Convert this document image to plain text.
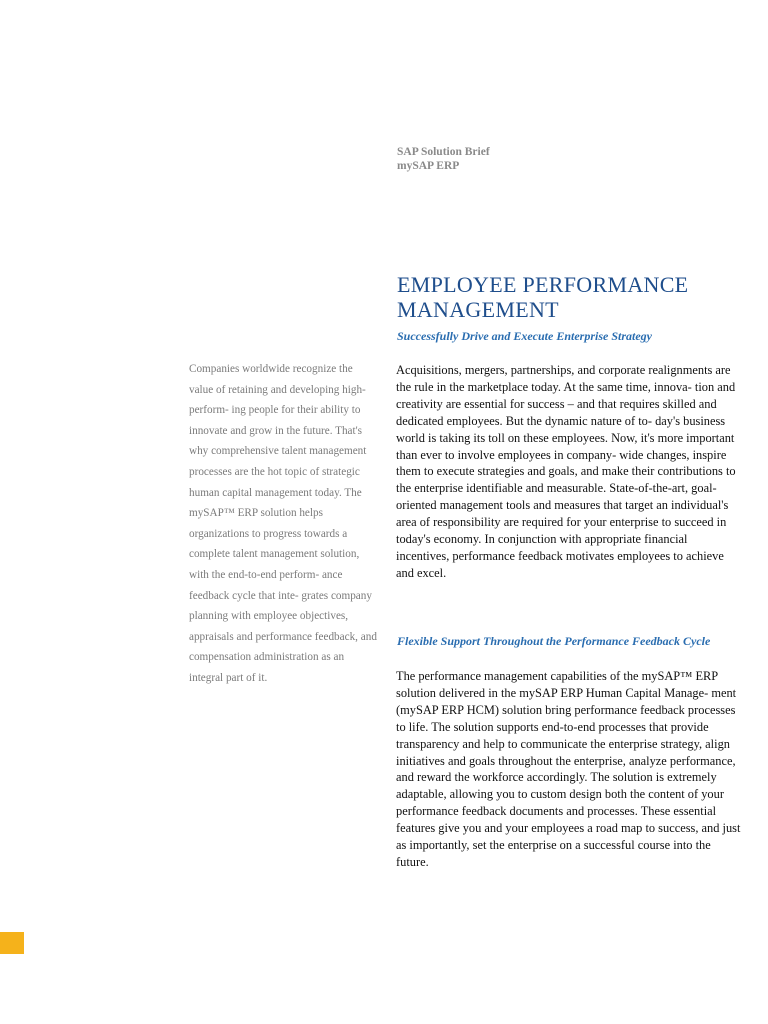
SAP Solution Brief
mySAP ERP
EMPLOYEE PERFORMANCE MANAGEMENT
Successfully Drive and Execute Enterprise Strategy

Companies worldwide recognize the value of retaining and developing high-perform- ing people for their ability to innovate and grow in the future. That's why comprehensive talent management processes are the hot topic of strategic human capital management today. The mySAP™ ERP solution helps organizations to progress towards a complete talent management solution, with the end-to-end perform- ance feedback cycle that inte- grates company planning with employee objectives, appraisals and performance feedback, and compensation administration as an integral part of it.

Acquisitions, mergers, partnerships, and corporate realignments are the rule in the marketplace today. At the same time, innova- tion and creativity are essential for success – and that requires skilled and dedicated employees. But the dynamic nature of to- day's business world is taking its toll on these employees. Now, it's more important than ever to involve employees in company- wide changes, inspire them to execute strategies and goals, and make their contributions to the enterprise identifiable and measurable. State-of-the-art, goal-oriented management tools and measures that target an individual's area of responsibility are required for your enterprise to succeed in today's economy. In conjunction with appropriate financial incentives, performance feedback motivates employees to achieve and excel.

Flexible Support Throughout the Performance Feedback Cycle

The performance management capabilities of the mySAP™ ERP solution delivered in the mySAP ERP Human Capital Manage- ment (mySAP ERP HCM) solution bring performance feedback processes to life. The solution supports end-to-end processes that provide transparency and help to communicate the enterprise strategy, align initiatives and goals throughout the enterprise, analyze performance, and reward the workforce accordingly. The solution is extremely adaptable, allowing you to custom design both the content of your performance feedback documents and processes. These essential features give you and your employees a road map to success, and just as importantly, set the enterprise on a successful course into the future.
